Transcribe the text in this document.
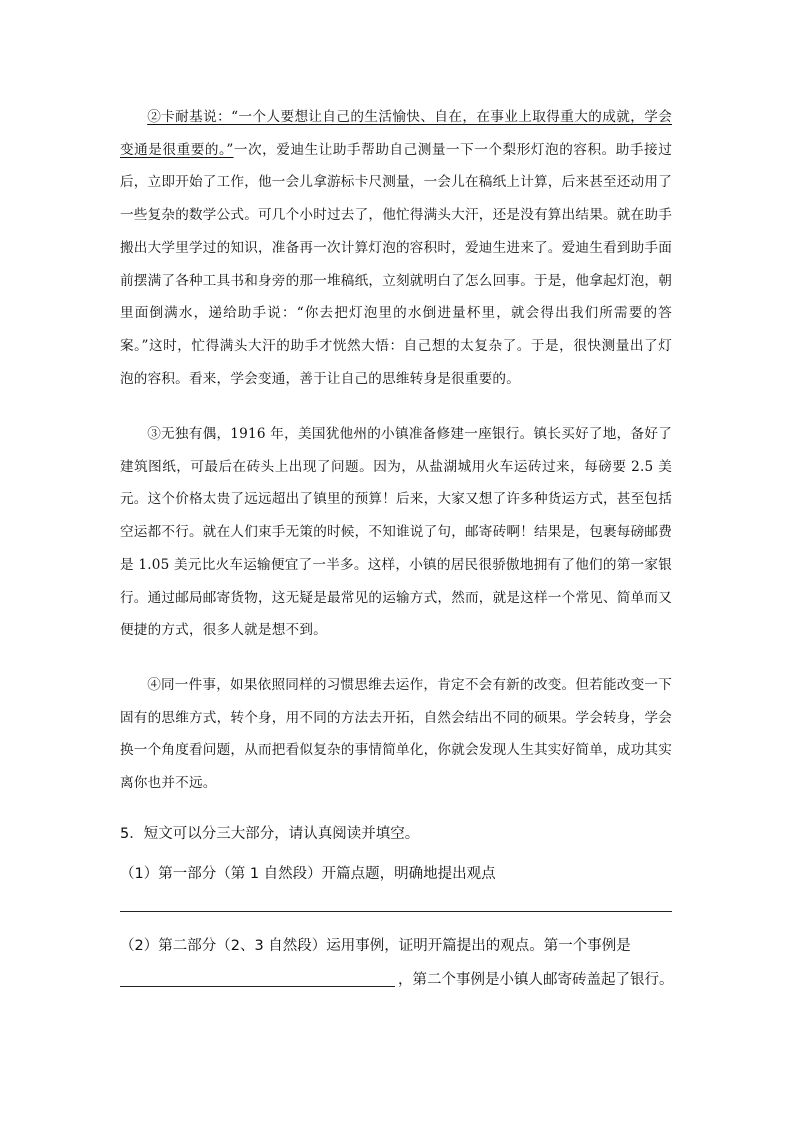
②卡耐基说：“一个人要想让自己的生活愉快、自在，在事业上取得重大的成就，学会变通是很重要的。”一次，爱迪生让助手帮助自己测量一下一个梨形灯泡的容积。助手接过后，立即开始了工作，他一会儿拿游标卡尺测量，一会儿在稿纸上计算，后来甚至还动用了一些复杂的数学公式。可几个小时过去了，他忙得满头大汗，还是没有算出结果。就在助手搬出大学里学过的知识，准备再一次计算灯泡的容积时，爱迪生进来了。爱迪生看到助手面前摆满了各种工具书和身旁的那一堆稿纸，立刻就明白了怎么回事。于是，他拿起灯泡，朝里面倒满水，递给助手说：“你去把灯泡里的水倒进量杯里，就会得出我们所需要的答案。”这时，忙得满头大汗的助手才恍然大悟：自己想的太复杂了。于是，很快测量出了灯泡的容积。看来，学会变通，善于让自己的思维转身是很重要的。

③无独有偶，1916 年，美国犹他州的小镇准备修建一座银行。镇长买好了地，备好了建筑图纸，可最后在砖头上出现了问题。因为，从盐湖城用火车运砖过来，每磅要 2.5 美元。这个价格太贵了远远超出了镇里的预算！后来，大家又想了许多种货运方式，甚至包括空运都不行。就在人们束手无策的时候，不知谁说了句，邮寄砖啊！结果是，包裹每磅邮费是 1.05 美元比火车运输便宜了一半多。这样，小镇的居民很骄傲地拥有了他们的第一家银行。通过邮局邮寄货物，这无疑是最常见的运输方式，然而，就是这样一个常见、简单而又便捷的方式，很多人就是想不到。

④同一件事，如果依照同样的习惯思维去运作，肯定不会有新的改变。但若能改变一下固有的思维方式，转个身，用不同的方法去开拓，自然会结出不同的硕果。学会转身，学会换一个角度看问题，从而把看似复杂的事情简单化，你就会发现人生其实好简单，成功其实离你也并不远。

5．短文可以分三大部分，请认真阅读并填空。

（1）第一部分（第 1 自然段）开篇点题，明确地提出观点

（2）第二部分（2、3 自然段）运用事例，证明开篇提出的观点。第一个事例是

，第二个事例是小镇人邮寄砖盖起了银行。
